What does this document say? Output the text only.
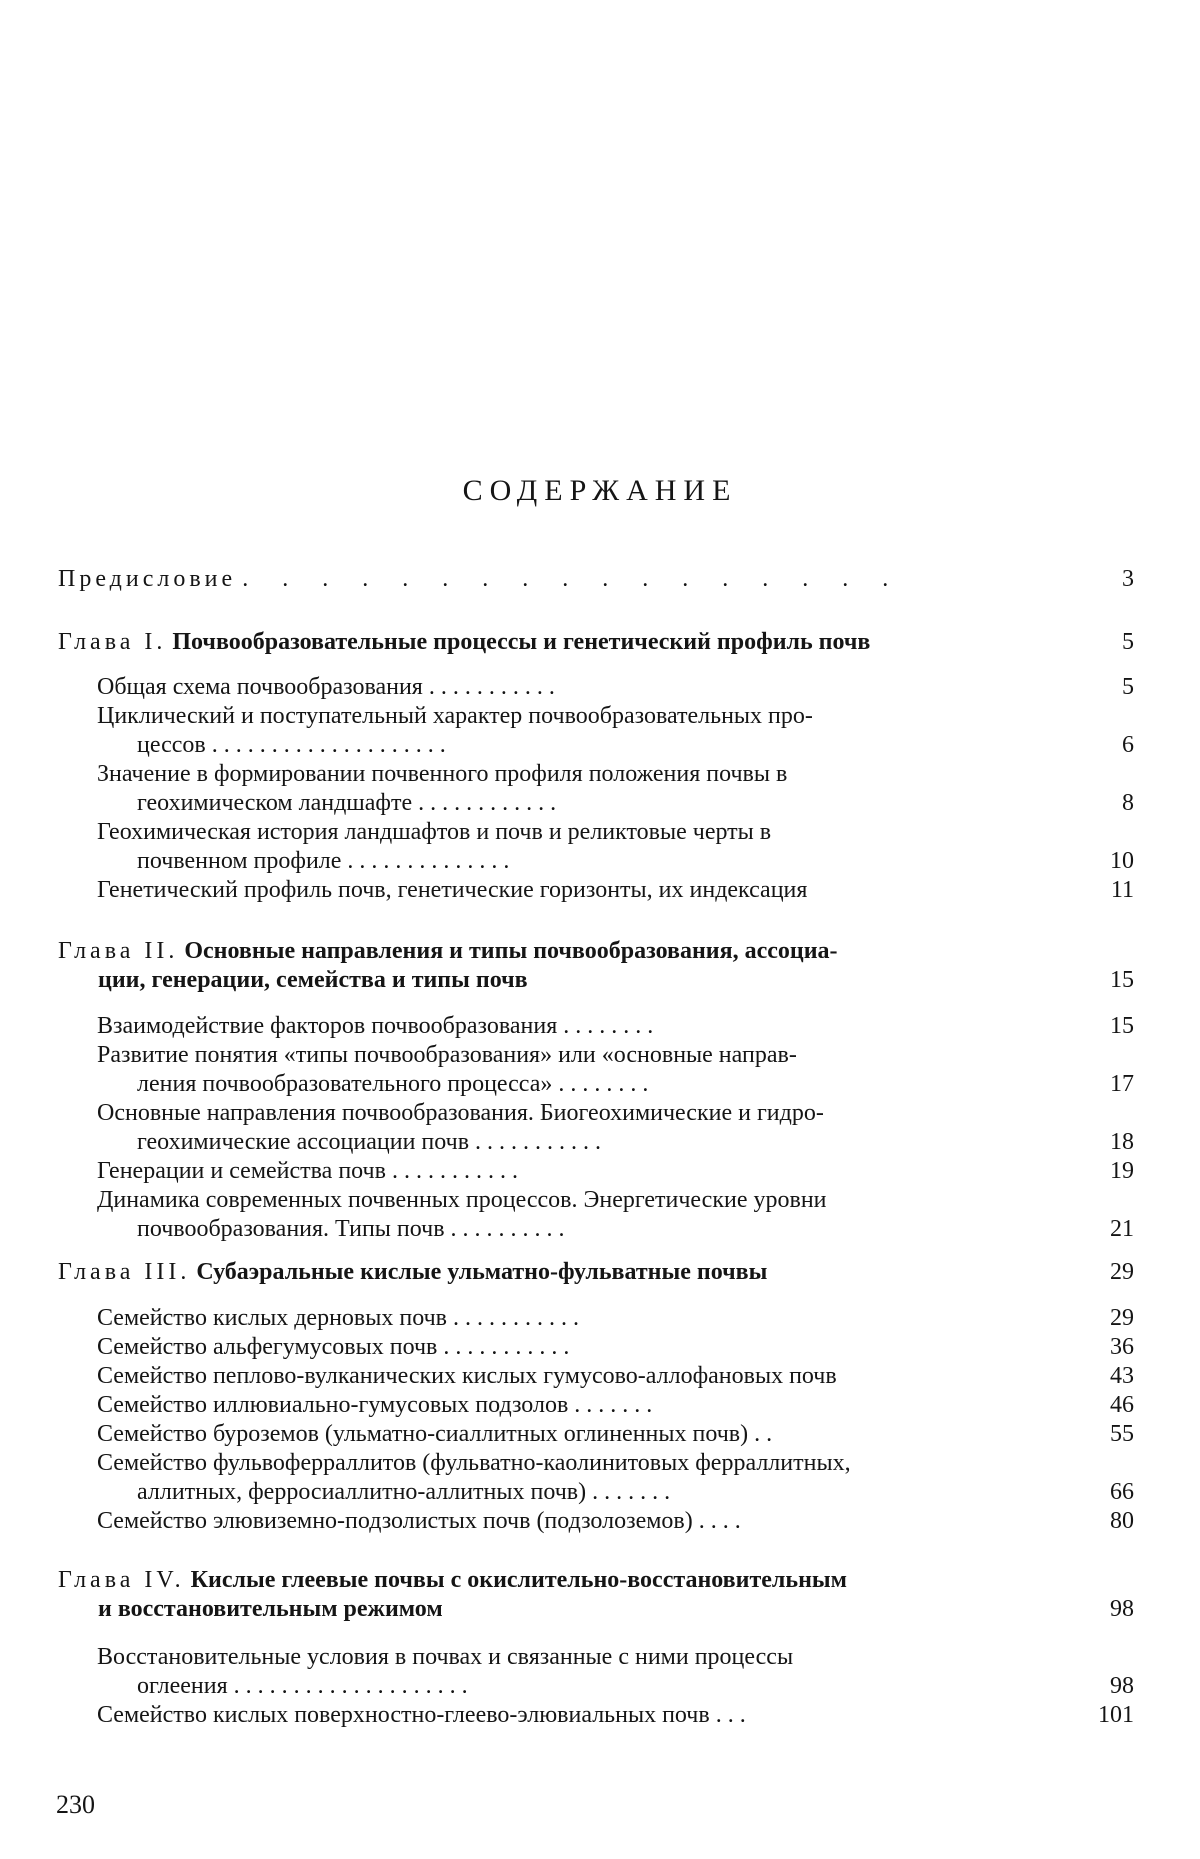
СОДЕРЖАНИЕ
Предисловие . . . . . . . . . . . . . . . . .	3
Глава I. Почвообразовательные процессы и генетический профиль почв	5
Общая схема почвообразования . . . . . . . . . . .	5
Циклический и поступательный характер почвообразовательных про-
цессов . . . . . . . . . . . . . . . . . . . .	6
Значение в формировании почвенного профиля положения почвы в
геохимическом ландшафте . . . . . . . . . . . .	8
Геохимическая история ландшафтов и почв и реликтовые черты в
почвенном профиле . . . . . . . . . . . . . .	10
Генетический профиль почв, генетические горизонты, их индексация	11
Глава II. Основные направления и типы почвообразования, ассоциа-
ции, генерации, семейства и типы почв	15
Взаимодействие факторов почвообразования . . . . . . . .	15
Развитие понятия «типы почвообразования» или «основные направ-
ления почвообразовательного процесса» . . . . . . . .	17
Основные направления почвообразования. Биогеохимические и гидро-
геохимические ассоциации почв . . . . . . . . . . .	18
Генерации и семейства почв . . . . . . . . . . .	19
Динамика современных почвенных процессов. Энергетические уровни
почвообразования. Типы почв . . . . . . . . . .	21
Глава III. Субаэральные кислые ульматно-фульватные почвы	29
Семейство кислых дерновых почв . . . . . . . . . . .	29
Семейство альфегумусовых почв . . . . . . . . . . .	36
Семейство пеплово-вулканических кислых гумусово-аллофановых почв	43
Семейство иллювиально-гумусовых подзолов . . . . . . .	46
Семейство буроземов (ульматно-сиаллитных оглиненных почв) . .	55
Семейство фульвоферраллитов (фульватно-каолинитовых ферраллитных,
аллитных, ферросиаллитно-аллитных почв) . . . . . . .	66
Семейство элювиземно-подзолистых почв (подзолоземов) . . . .	80
Глава IV. Кислые глеевые почвы с окислительно-восстановительным
и восстановительным режимом	98
Восстановительные условия в почвах и связанные с ними процессы
оглеения . . . . . . . . . . . . . . . . . . . .	98
Семейство кислых поверхностно-глеево-элювиальных почв . . .	101
230
